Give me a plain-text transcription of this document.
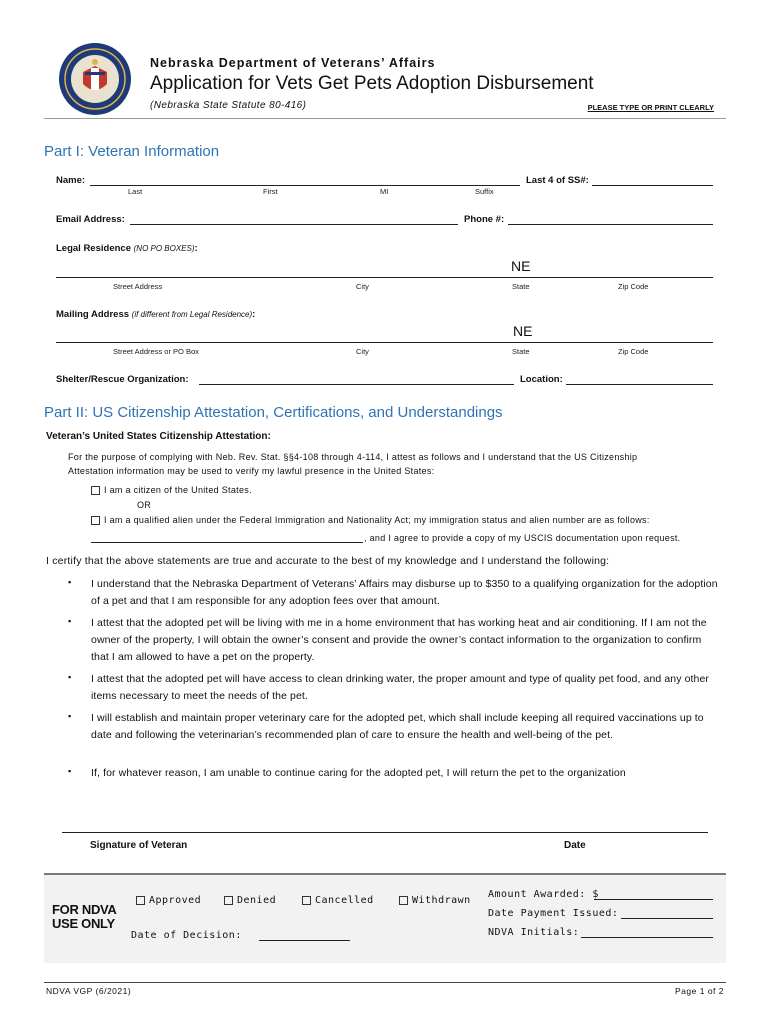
Nebraska Department of Veterans’ Affairs
Application for Vets Get Pets Adoption Disbursement
(Nebraska State Statute 80-416)	PLEASE TYPE OR PRINT CLEARLY
Part I: Veteran Information
Name:	Last 4 of SS#:
Last	First	MI	Suffix
Email Address:	Phone #:
Legal Residence (NO PO BOXES):
NE
Street Address	City	State	Zip Code
Mailing Address (if different from Legal Residence):
NE
Street Address or PO Box	City	State	Zip Code
Shelter/Rescue Organization:	Location:
Part II: US Citizenship Attestation, Certifications, and Understandings
Veteran’s United States Citizenship Attestation:
For the purpose of complying with Neb. Rev. Stat. §§4-108 through 4-114, I attest as follows and I understand that the US Citizenship
Attestation information may be used to verify my lawful presence in the United States:
I am a citizen of the United States.
OR
I am a qualified alien under the Federal Immigration and Nationality Act; my immigration status and alien number are as follows:
, and I agree to provide a copy of my USCIS documentation upon request.
I certify that the above statements are true and accurate to the best of my knowledge and I understand the following:
▪ I understand that the Nebraska Department of Veterans’ Affairs may disburse up to $350 to a qualifying organization for the adoption of a pet and that I am responsible for any adoption fees over that amount.
▪ I attest that the adopted pet will be living with me in a home environment that has working heat and air conditioning. If I am not the owner of the property, I will obtain the owner’s consent and provide the owner’s contact information to the organization to confirm that I am allowed to have a pet on the property.
▪ I attest that the adopted pet will have access to clean drinking water, the proper amount and type of quality pet food, and any other items necessary to meet the needs of the pet.
▪ I will establish and maintain proper veterinary care for the adopted pet, which shall include keeping all required vaccinations up to date and following the veterinarian’s recommended plan of care to ensure the health and well-being of the pet.
▪ If, for whatever reason, I am unable to continue caring for the adopted pet, I will return the pet to the organization
Signature of Veteran	Date
FOR NDVA USE ONLY
Approved	Denied	Cancelled	Withdrawn
Date of Decision:
Amount Awarded: $
Date Payment Issued:
NDVA Initials:
NDVA VGP (6/2021)	Page 1 of 2
